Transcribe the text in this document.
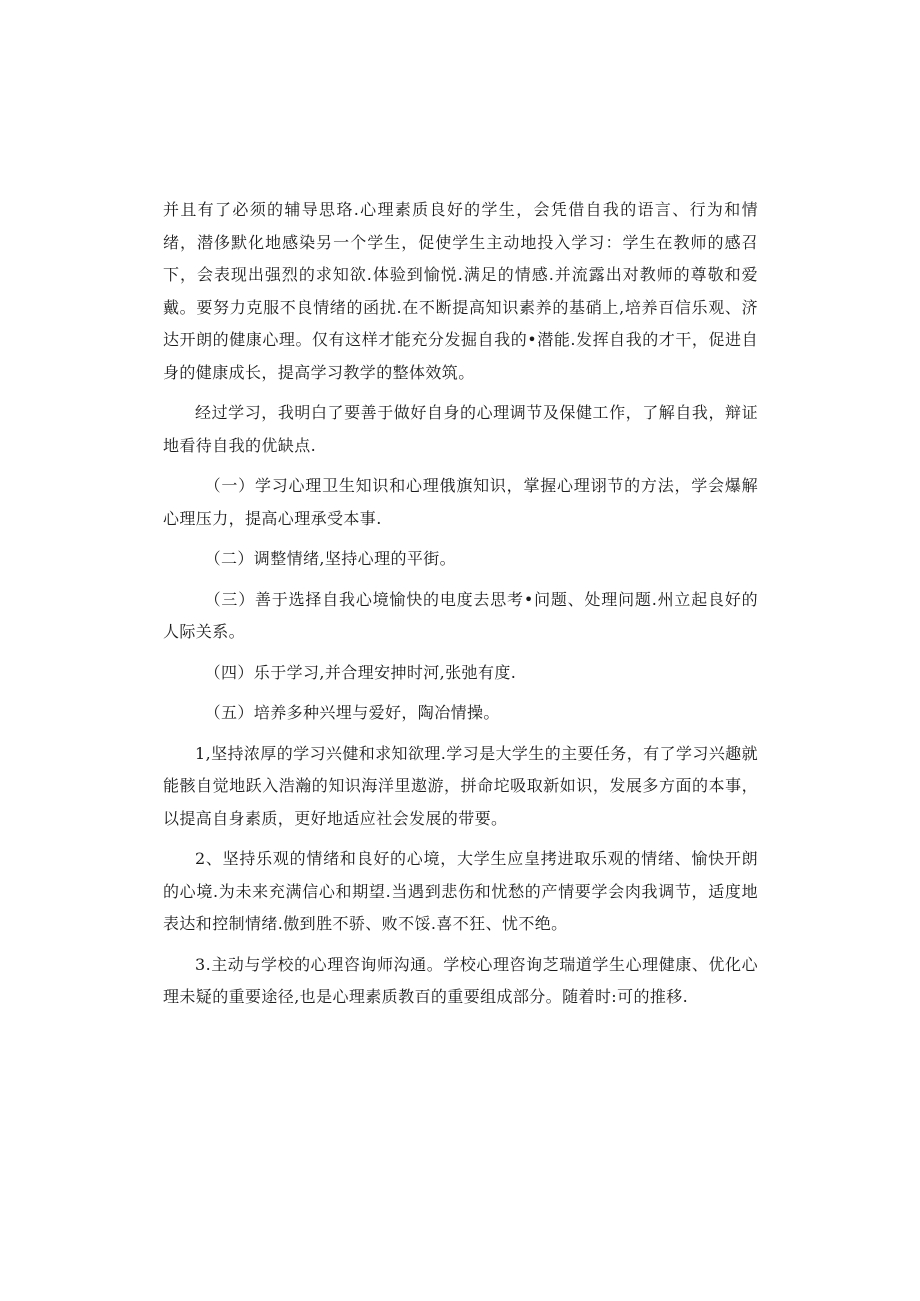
并且有了必须的辅导思珞.心理素质良好的学生，会凭借自我的语言、行为和情绪，潜侈默化地感染另一个学生，促使学生主动地投入学习：学生在教师的感召下，会表现出强烈的求知欲.体验到愉悦.满足的情感.并流露出对教师的尊敬和爱戴。要努力克服不良情绪的函扰.在不断提高知识素养的基硝上,培养百信乐观、济达开朗的健康心理。仅有这样才能充分发掘自我的•潜能.发挥自我的才干，促进自身的健康成长，提高学习教学的整体效筑。

经过学习，我明白了要善于做好自身的心理调节及保健工作，了解自我，辩证地看待自我的优缺点.

（一）学习心理卫生知识和心理俄旗知识，掌握心理诩节的方法，学会爆解心理压力，提高心理承受本事.

（二）调整情绪,坚持心理的平街。

（三）善于选择自我心境愉快的电度去思考•问题、处理问题.州立起良好的人际关系。

（四）乐于学习,并合理安抻时河,张弛有度.

（五）培养多种兴埋与爱好，陶冶情操。

1,坚持浓厚的学习兴健和求知欲理.学习是大学生的主要任务，有了学习兴趣就能骸自觉地跃入浩瀚的知识海洋里遨游，拼命坨吸取新如识，发展多方面的本事，以提高自身素质，更好地适应社会发展的带要。

2、坚持乐观的情绪和良好的心境，大学生应皇拷进取乐观的情绪、愉快开朗的心境.为未来充满信心和期望.当遇到悲伤和忧愁的产情要学会肉我调节，适度地表达和控制情绪.傲到胜不骄、败不馁.喜不狂、忧不绝。

3.主动与学校的心理咨询师沟通。学校心理咨询芝瑞道学生心理健康、优化心理未疑的重要途径,也是心理素质教百的重要组成部分。随着时:可的推移.
